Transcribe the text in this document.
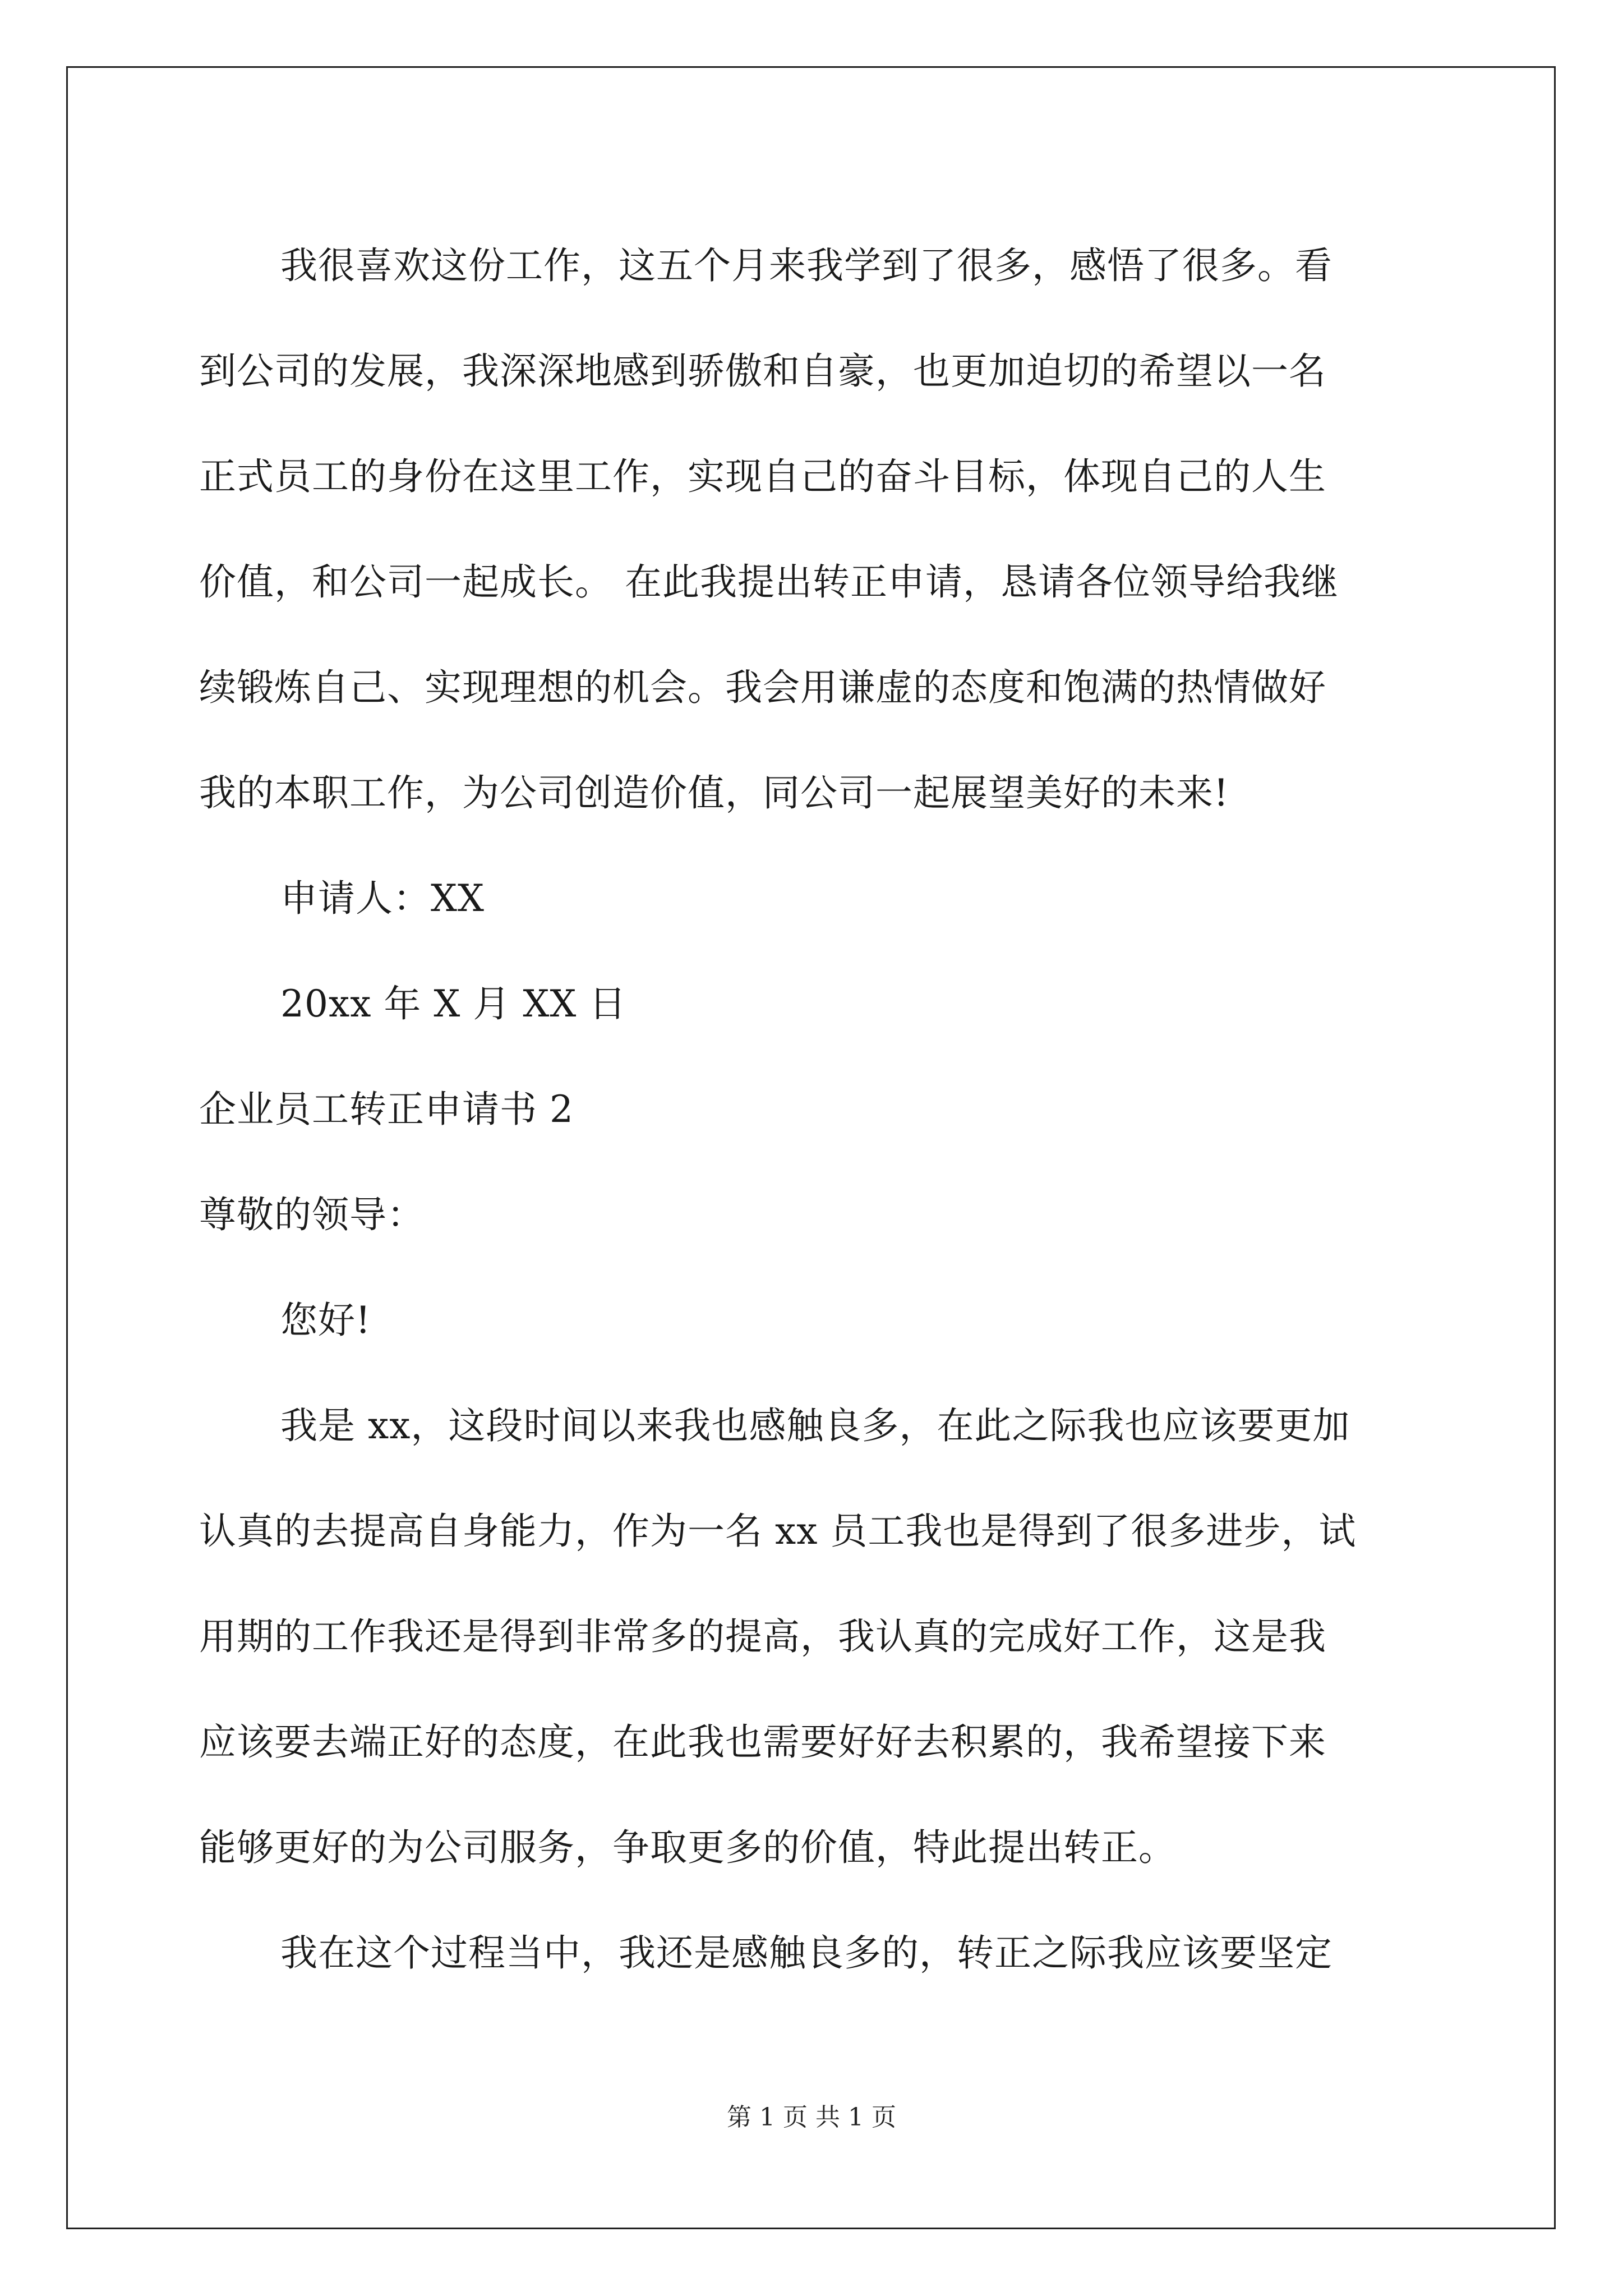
我很喜欢这份工作，这五个月来我学到了很多，感悟了很多。看
到公司的发展，我深深地感到骄傲和自豪，也更加迫切的希望以一名
正式员工的身份在这里工作，实现自己的奋斗目标，体现自己的人生
价值，和公司一起成长。 在此我提出转正申请，恳请各位领导给我继
续锻炼自己、实现理想的机会。我会用谦虚的态度和饱满的热情做好
我的本职工作，为公司创造价值，同公司一起展望美好的未来!
申请人：XX
20xx 年 X 月 XX 日
企业员工转正申请书 2
尊敬的领导：
您好!
我是 xx，这段时间以来我也感触良多，在此之际我也应该要更加
认真的去提高自身能力，作为一名 xx 员工我也是得到了很多进步，试
用期的工作我还是得到非常多的提高，我认真的完成好工作，这是我
应该要去端正好的态度，在此我也需要好好去积累的，我希望接下来
能够更好的为公司服务，争取更多的价值，特此提出转正。
我在这个过程当中，我还是感触良多的，转正之际我应该要坚定
第 1 页 共 1 页
